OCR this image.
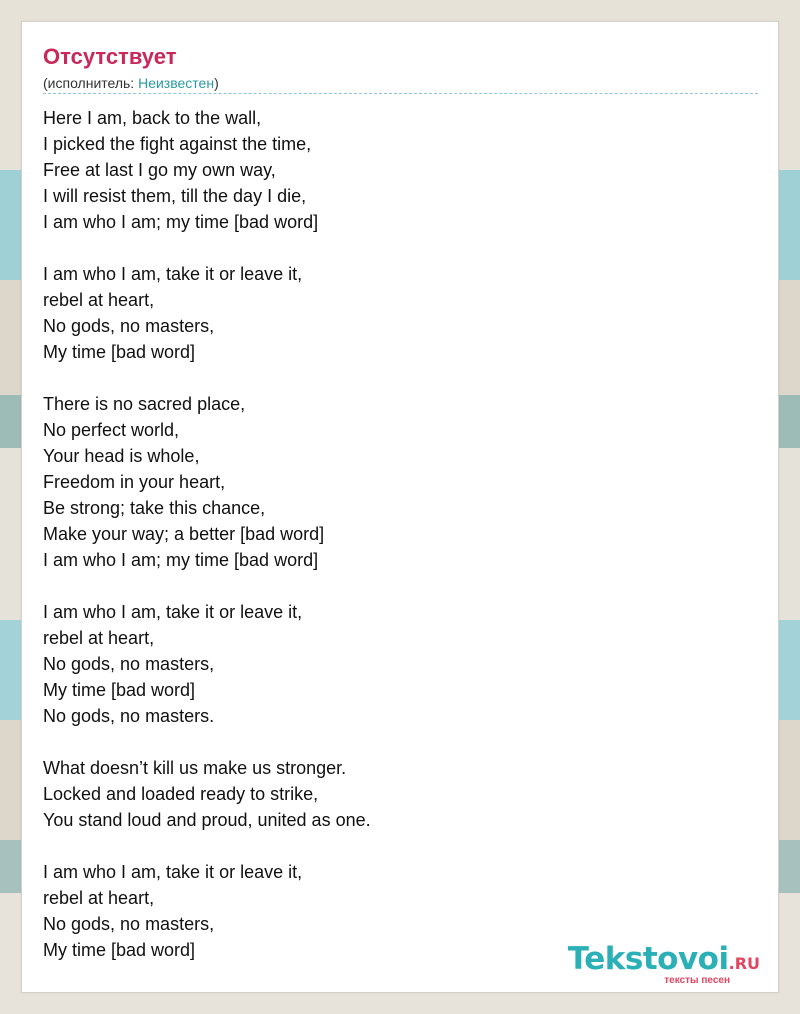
Отсутствует
(исполнитель: Неизвестен)
Here I am, back to the wall,
I picked the fight against the time,
Free at last I go my own way,
I will resist them, till the day I die,
I am who I am; my time [bad word]
I am who I am, take it or leave it,
rebel at heart,
No gods, no masters,
My time [bad word]
There is no sacred place,
No perfect world,
Your head is whole,
Freedom in your heart,
Be strong; take this chance,
Make your way; a better [bad word]
I am who I am; my time [bad word]
I am who I am, take it or leave it,
rebel at heart,
No gods, no masters,
My time [bad word]
No gods, no masters.
What doesn’t kill us make us stronger.
Locked and loaded ready to strike,
You stand loud and proud, united as one.
I am who I am, take it or leave it,
rebel at heart,
No gods, no masters,
My time [bad word]	Tekstovoi.RU
тексты песен
